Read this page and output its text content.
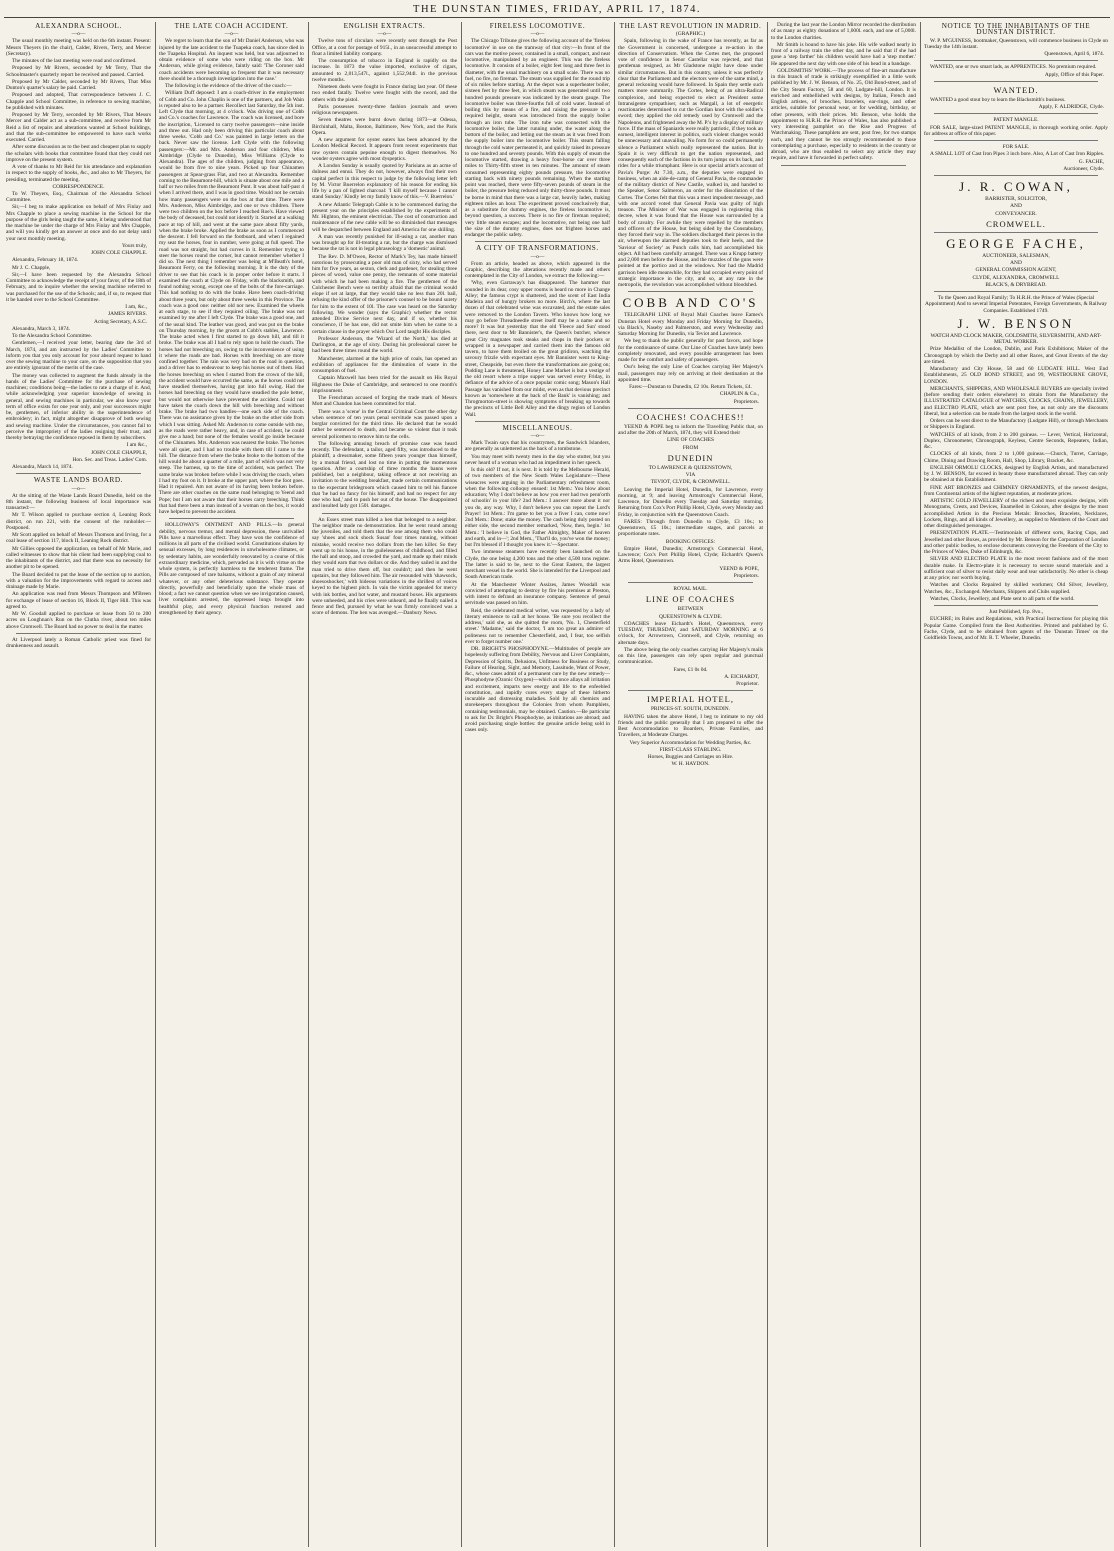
THE DUNSTAN TIMES, FRIDAY, APRIL 17, 1874.
ALEXANDRA SCHOOL.
—o—
The usual monthly meeting was held on the 6th instant. Present: Messrs Theyers (in the chair), Calder, Rivers, Terry, and Mercer (Secretary).
The minutes of the last meeting were read and confirmed.
Proposed by Mr Rivers, seconded by Mr Terry, That the Schoolmaster's quarterly report be received and passed. Carried.
Proposed by Mr Calder, seconded by Mr Rivers, That Miss Dunton's quarter's salary be paid. Carried.
Proposed and adopted, That correspondence between J. C. Chapple and School Committee, in reference to sewing machine, be published with minutes.
Proposed by Mr Terry, seconded by Mr Rivers, That Messrs Mercer and Calder act as a sub-committee, and receive from Mr Reid a list of repairs and alterations wanted at School buildings, and that the sub-committee be empowered to have such works executed. Carried.
After some discussion as to the best and cheapest plan to supply the scholars with books that committee found that they could not improve on the present system.
A vote of thanks to Mr Reid for his attendance and explanation in respect to the supply of books, &c., and also to Mr Theyers, for presiding, terminated the meeting.
CORRESPONDENCE.
To W. Theyers, Esq., Chairman of the Alexandra School Committee.
Sir,—I beg to make application on behalf of Mrs Finlay and Mrs Chapple to place a sewing machine in the School for the purpose of the girls being taught the same, it being understood that the machine be under the charge of Mrs Finlay and Mrs Chapple, and will you kindly get an answer at once and do not delay until your next monthly meeting.
Yours truly,
JOHN COLE CHAPPLE.
Alexandra, February 18, 1874.
Mr J. C. Chapple,
Sir,—I have been requested by the Alexandra School Committee to acknowledge the receipt of your favor, of the 18th of February, and to inquire whether the sewing machine referred to was purchased for the use of the Schools; and, if so, to request that it be handed over to the School Committee.
I am, &c.,
JAMES RIVERS.
Acting Secretary, A.S.C.
Alexandra, March 3, 1874.
To the Alexandra School Committee.
Gentlemen,—I received your letter, bearing date the 3rd of March, 1874, and am instructed by the Ladies' Committee to inform you that you only account for your absurd request to hand over the sewing machine to your care, on the supposition that you are entirely ignorant of the merits of the case.
The money was collected to augment the funds already in the hands of the Ladies' Committee for the purchase of sewing machines; conditions being—the ladies to rate a charge of it. And, while acknowledging your superior knowledge of sewing in general, and sewing machines in particular, we also know your term of office exists for one year only, and your successors might be, gentlemen, of inferior ability in the superintendence of embroidery; in fact, might altogether disapprove of both sewing and sewing machine. Under the circumstances, you cannot fail to perceive the impropriety of the ladies resigning their trust, and thereby betraying the confidence reposed in them by subscribers.
I am &c.,
JOHN COLE CHAPPLE,
Hon. Sec. and Treas. Ladies' Com.
Alexandra, March 14, 1874.
WASTE LANDS BOARD.
—o—
At the sitting of the Waste Lands Board Dunedin, held on the 8th instant, the following business of local importance was transacted:—
Mr T. Wilson applied to purchase section 4, Leaning Rock district, on run 221, with the consent of the runholder.—Postponed.
Mr Scott applied on behalf of Messrs Thomson and Irving, for a coal lease of section 117, block II, Leaning Rock district.
Mr Gillies opposed the application, on behalf of Mr Marie, and called witnesses to show that his client had been supplying coal to the inhabitants of the district, and that there was no necessity for another pit to be opened.
The Board decided to put the lease of the section up to auction, with a valuation for the improvements with regard to access and drainage made by Marie.
An application was read from Messrs Thompson and M'Breen for exchange of lease of section 16, Block II, Tiger Hill. This was agreed to.
Mr W. Goodall applied to purchase or lease from 50 to 200 acres on Loughnan's Run on the Clutha river, about ten miles above Cromwell. The Board had no power to deal in the matter.
At Liverpool lately a Roman Catholic priest was fined for drunkenness and assault.
THE LATE COACH ACCIDENT.
—o—
We regret to learn that the son of Mr Daniel Anderson, who was injured by the late accident to the Tuapeka coach, has since died in the Tuapeka Hospital. An inquest was held, but was adjourned to obtain evidence of some who were riding on the box. Mr Anderson, while giving evidence, faintly said: 'The Coroner said coach accidents were becoming so frequent that it was necessary there should be a thorough investigation into the case.'
The following is the evidence of the driver of the coach:—
William Duff deposed: I am a coach-driver in the employment of Cobb and Co. John Chaplin is one of the partners, and Job Wain is reputed also to be a partner. Recollect last Saturday, the 5th inst. Left Clyde that morning, at 4 o'clock. Was driving one of Cobb and Co.'s coaches for Lawrence. The coach was licensed, and bore the inscription, 'Licensed to carry twelve passengers—nine inside and three out. Had only been driving this particular coach about three weeks. 'Cobb and Co.' was painted in large letters on the back. Never saw the license. Left Clyde with the following passengers:—Mr. and Mrs. Anderson and four children, Miss Aimbridge (Clyde to Dunedin), Miss Williams (Clyde to Alexandra). The ages of the children, judging from appearance, would be from five to nine years. Picked up four Chinamen passengers at Spear-grass Flat, and two at Alexandra. Remember coming to the Beaumont-hill, which is situate about one mile and a half or two miles from the Beaumont Punt. It was about half-past 4 when I arrived there, and I was in good time. Would not be certain how many passengers were on the box at that time. There were Mrs. Anderson, Miss Aimbridge, and one or two children. There were two children on the box before I reached Roe's. Have viewed the body of deceased, but could not identify it. Started at a walking pace at top of hill, and went at the same pace about fifty yards, when the brake broke. Applied the brake as soon as I commenced the descent. I fell forward on the footboard, and when I regained my seat the horses, four in number, were going at full speed. The road was not straight, but had curves in it. Remember trying to steer the horses round the corner, but cannot remember whether I did so. The next thing I remember was being at M'Beath's hotel, Beaumont Ferry, on the following morning. It is the duty of the driver to see that his coach is in proper order before it starts. I examined the coach at Clyde on Friday, with the blacksmith, and found nothing wrong, except one of the bolts of the fore-carriage. This had nothing to do with the brake. Have been coach-driving about three years, but only about three weeks in this Province. The coach was a good one: neither old nor new. Examined the wheels at each stage, to see if they required oiling. The brake was not examined by me after I left Clyde. The brake was a good one, and of the usual kind. The leather was good, and was put on the brake on Thursday morning, by the groom at Cobb's stables, Lawrence. The brake acted when I first started to go down hill, and till it broke. The brake was all I had to rely upon to hold the coach. The horses had not breeching on, owing to the inconvenience of using it where the roads are bad. Horses with breeching on are more confined together. The rain was very bad on the road in question, and a driver has to endeavour to keep his horses out of them. Had the horses breeching on when I started from the crown of the hill, the accident would have occurred the same, as the horses could not have steadied themselves, having got into full swing. Had the horses had breeching on they would have steadied the pole better, but would not otherwise have prevented the accident. Could not have taken the coach down the hill with breeching and without brake. The brake had two handles—one each side of the coach. There was no assistance given by the brake on the other side from which I was sitting. Asked Mr. Anderson to come outside with me, as the roads were rather heavy, and, in case of accident, he could give me a hand; but none of the females would go inside because of the Chinamen. Mrs. Anderson was nearest the brake. The horses were all quiet, and I had no trouble with them till I came to the hill. The distance from where the brake broke to the bottom of the hill would be about a quarter of a mile, part of which was not very steep. The harness, up to the time of accident, was perfect. The same brake was broken before while I was driving the coach, when I had my foot on it. It broke at the upper part, where the foot goes. Had it repaired. Am not aware of its having been broken before. There are other coaches on the same road belonging to Yeend and Pope; but I am not aware that their horses carry breeching. Think that had there been a man instead of a woman on the box, it would have helped to prevent the accident.
HOLLOWAY'S OINTMENT AND PILLS.—In general debility, nervous tremor, and mental depression, these unrivalled Pills have a marvellous effect. They have won the confidence of millions in all parts of the civilised world. Constitutions shaken by sensual excesses, by long residences in unwholesome climates, or by sedentary habits, are wonderfully renovated by a course of this extraordinary medicine, which, pervaded as it is with virtue on the whole system, is perfectly harmless to the tenderest frame. The Pills are composed of rare balsams, without a grain of any mineral whatever, or any other deleterious substance. They operate directly, powerfully and beneficially upon the whole mass of blood; a fact we cannot question when we see invigoration caused, liver complaints arrested, the oppressed lungs brought into healthful play, and every physical function restored and strengthened by their agency.
ENGLISH EXTRACTS.
—o—
Twelve tons of circulars were recently sent through the Post Office, at a cost for postage of 915l., in an unsuccessful attempt to float a limited liability company.
The consumption of tobacco in England is rapidly on the increase. In 1873 the value imported, exclusive of cigars, amounted to 2,013,547l., against 1,552,944l. in the previous twelve months.
Nineteen duels were fought in France during last year. Of these two ended fatally. Twelve were fought with the sword, and the others with the pistol.
Paris possesses twenty-three fashion journals and seven religious newspapers.
Seven theatres were burnt down during 1873—at Odessa, Birchinhall, Malta, Boston, Baltimore, New York, and the Paris Opera.
A new argument for oyster eaters has been advanced by the London Medical Record. It appears from recent experiments that raw oysters contain pepsine enough to digest themselves. No wonder oysters agree with most dyspeptics.
A London Sunday is usually quoted by Parisians as an acme of dulness and ennui. They do not, however, always find their own capital perfect in this respect to judge by the following letter left by M. Victor Buerrelon explanatory of his reason for ending his life by a pan of lighted charcoal: 'I kill myself because I cannot stand Sunday.' Kindly let my family know of this.—V. Buerrelon.'
A new Atlantic Telegraph Cable is to be commenced during the present year on the principles established by the experiments of Mr. Highton, the eminent electrician. The cost of construction and maintenance of the new cable will be so diminished that messages will be despatched between England and America for one shilling.
A man was recently punished for ill-using a cat, another man was brought up for ill-treating a rat, but the charge was dismissed because the rat is not in legal phraseology a 'domestic' animal.
The Rev. D. M'Owen, Rector of Mark's Tey, has made himself notorious by prosecuting a poor old man of sixty, who had served him for five years, as sexton, clerk and gardener, for stealing three pieces of wood, value one penny, the remnants of some material with which he had been making a fire. The gentlemen of the Colchester Bench were so terribly afraid that the criminal would elope if set at large, that they would take no less than 20l. bail, refusing the kind offer of the prisoner's counsel to be bound surety for him to the extent of 10l. The case was heard on the Saturday following. We wonder (says the Graphic) whether the rector attended Divine Service next day, and if so, whether his conscience, if he has one, did not smite him when he came to a certain clause in the prayer which Our Lord taught His disciples.
Professor Anderson, the 'Wizard of the North,' has died at Darlington, at the age of sixty. During his professional career he had been three times round the world.
Manchester, alarmed at the high price of coals, has opened an exhibition of appliances for the diminution of waste in the consumption of fuel.
Captain Maxwell has been tried for the assault on His Royal Highness the Duke of Cambridge, and sentenced to one month's imprisonment.
The Frenchman accused of forging the trade mark of Messrs Mott and Chandon has been committed for trial.
There was a 'scene' in the Central Criminal Court the other day when sentence of ten years penal servitude was passed upon a burglar convicted for the third time. He declared that he would rather be sentenced to death, and became so violent that it took several policemen to remove him to the cells.
The following amusing breach of promise case was heard recently. The defendant, a tailor, aged fifty, was introduced to the plaintiff, a dressmaker, some fifteen years younger than himself, by a mutual friend, and lost no time in putting the momentous question. After a courtship of three months the banns were published, but a neighbour, taking offence at not receiving an invitation to the wedding breakfast, made certain communications to the expectant bridegroom which caused him to tell his fiancee that 'he had no fancy for his himself, and had no respect for any one who had,' and to push her out of the house. The disappointed and insulted lady got 150l. damages.
An Essex street man killed a hen that belonged to a neighbor. The neighbor made no demonstration. But he went round among the juveniles, and told them that the one among them who could say 'shoes and sock shock Susan' four times running, without mistake, would receive two dollars from the hen killer. So they went up to his house, in the guilelessness of childhood, and filled the hall and stoop, and crowded the yard, and made up their minds they would earn that two dollars or die. And they sailed in and the man tried to drive them off, but couldn't; and then he went upstairs, but they followed him. The air resounded with 'shawsock, shoesoshocker,' with hideous variations in the shrillest of voices keyed to the highest pitch. In vain the victim appealed for mercy with ink bottles, and hot water, and mustard boxes. His arguments were unheeded, and his cries were unheard, and he finally nailed a fence and fled, pursued by what he was firmly convinced was a score of demons. The hen was avenged.—Danbury News.
FIRELESS LOCOMOTIVE.
—o—
The Chicago Tribune gives the following account of the 'fireless locomotive' in use on the tramway of that city:—In front of the cars was the motive power, contained in a small, compact, and neat locomotive, manipulated by an engineer. This was the fireless locomotive. It consists of a boiler, eight feet long and three feet in diameter, with the usual machinery on a small scale. There was no fuel, no fire, no fireman. The steam was supplied for the round trip of six miles before starting. At the depot was a superheater boiler, sixteen feet by three feet, in which steam was generated until two hundred pounds pressure was indicated by the steam gauge. The locomotive boiler was three-fourths full of cold water. Instead of boiling this by means of a fire, and raising the pressure to a required height, steam was introduced from the supply boiler through an iron tube. The iron tube was connected with the locomotive boiler, the latter running under, the water along the bottom of the boiler, and letting out the steam as it was freed from the supply boiler into the locomotive boiler. This steam falling through the cold water permeated it, and quickly raised its pressure to one hundred and seventy pounds. With this supply of steam the locomotive started, drawing a heavy four-horse car over three miles to Thirty-fifth street in ten minutes. The amount of steam consumed representing eighty pounds pressure, the locomotive starting back with ninety pounds remaining. When the starting point was reached, there were fifty-seven pounds of steam in the boiler, the pressure being reduced only thirty-three pounds. It must be borne in mind that there was a large car, heavily laden, making eighteen miles an hour. The experiment proved conclusively that, as a substitute for dummy engines, the fireless locomotive is, beyond question, a success. There is no fire or fireman required; very little steam escapes; and the locomotive, not being one half the size of the dummy engines, does not frighten horses and endanger the public safety.
A CITY OF TRANSFORMATIONS.
—o—
From an article, headed as above, which appeared in the Graphic, describing the alterations recently made and others contemplated in the City of London, we extract the following:—
'Why, even Garraway's has disappeared. The hammer that sounded in its dear, cosy upper rooms is heard no more in Change Alley; the famous crypt is shattered, and the scent of East India Madeira and of hungry brokers no more. Birch's, where the last dozen of that celebrated wine was excavated, and the estate sales were removed to the London Tavern. Who knows how long we may go before Threadneedle street itself may be a name and no more? It was but yesterday that the old 'Fleece and Sun' stood there, next door to Mr Bannister's, the Queen's butcher, whence great City magnates took steaks and chops in their pockets or wrapped in a newspaper and carried them into the famous old tavern, to have them broiled on the great gridiron, watching the savoury frizzle with expectant eyes. Mr Bannister went to King-street, Cheapside, but even there the transformations are going on; Pudding Lane is threatened, Honey Lane Market is but a vestige of the old resort where a tripe supper was served every Friday, in defiance of the advice of a once popular comic song; Mason's Hall Passage has vanished from our midst, even as that devious precinct known as 'somewhere at the back of the Bank' is vanishing; and Throgmorton-street is showing symptoms of breaking up towards the precincts of Little Bell Alley and the dingy region of London Wall.
MISCELLANEOUS.
—o—
Mark Twain says that his countrymen, the Sandwich Islanders, are generally as unlettered as the back of a tombstone.
You may meet with twenty men in the day who stutter, but you never heard of a woman who had an impediment in her speech.
Is this old? If not, it is next. It is told by the Melbourne Herald, of two members of the New South Wales Legislature:—These wiseacres were arguing in the Parliamentary refreshment room, when the following colloquy ensued: 1st Mem.: You blow about education; Why I don't believe as how you ever had two penn'orth of schoolin' in your life? 2nd Mem.: I answer more about it nor you do, any way. Why, I don't believe you can repeat the Lord's Prayer! 1st Mem.: I'm game to bet you a fiver I can, come now! 2nd Mem.: Done; stake the money. The cash being duly posted on either side, the second member remarked, 'Now, then, begin.' 1st Mem.: 'I believe in God, the Father Almighty, Maker of heaven and earth, and in—'; 2nd Mem., 'That'll do, you've won the money; but I'm blessed if I thought you knew it.'—Spectator.
Two immense steamers have recently been launched on the Clyde, the one being 4,200 tons and the other 4,500 tons register. The latter is said to be, next to the Great Eastern, the largest merchant vessel in the world. She is intended for the Liverpool and South American trade.
At the Manchester Winter Assizes, James Woodall was convicted of attempting to destroy by fire his premises at Preston, with intent to defraud an insurance company. Sentence of penal servitude was passed on him.
Reid, the celebrated medical writer, was requested by a lady of literary eminence to call at her house. 'Be sure you recollect the address,' said she, as she quitted the room, 'No. 1, Chesterfield street.' 'Madame,' said the doctor, 'I am too great an admirer of politeness not to remember Chesterfield, and, I fear, too selfish ever to forget number one.'
DR. BRIGHT'S PHOSPHODYNE.—Multitudes of people are hopelessly suffering from Debility, Nervous and Liver Complaints, Depression of Spirits, Delusions, Unfitness for Business or Study, Failure of Hearing, Sight, and Memory, Lassitude, Want of Power, &c., whose cases admit of a permanent cure by the new remedy—Phosphodyne (Ozonic Oxygen)—which at once allays all irritation and excitement, imparts new energy and life to the enfeebled constitution, and rapidly cures every stage of these hitherto incurable and distressing maladies. Sold by all chemists and storekeepers throughout the Colonies from whom Pamphlets, containing testimonials, may be obtained. Caution.—Be particular to ask for Dr. Bright's Phosphodyne, as imitations are abroad; and avoid purchasing single bottles: the genuine article being sold in cases only.
THE LAST REVOLUTION IN MADRID.
(GRAPHIC.)
Spain, following in the wake of France has recently, as far as the Government is concerned, undergone a re-action in the direction of Conservatism. When the Cortes met, the proposed vote of confidence in Senor Castellar was rejected, and that gentleman resigned, as Mr Gladstone might have done under similar circumstances. But in this country, unless it was perfectly clear that the Parliament and the electors were of the same mind, a general reckoning would have followed. In Spain they settle such matters more summarily. The Cortes, being of an ultra-Radical complexion, and being expected to elect as President some Intransigente sympathiser, such as Margall, a lot of energetic reactionaries determined to cut the Gordian knot with the soldier's sword; they applied the old remedy used by Cromwell and the Napoleons, and frightened away the M. P.'s by a display of military force. If the mass of Spaniards were really patriotic, if they took an earnest, intelligent interest in politics, such violent changes would be unnecessary and unavailing. No form for so could permanently silence a Parliament which really represented the nation. But in Spain it is very difficult to get the nation represented, and consequently each of the factions in its turn jumps on its back, and rides for a while triumphant. Here is our special artist's account of Pavia's Purge: At 7.30, a.m., the deputies were engaged in business, when an aide-de-camp of General Pavia, the commander of the military district of New Castile, walked in, and handed to the Speaker, Senor Salmeron, an order for the dissolution of the Cortes. The Cortes felt that this was a most impudent message, and with one accord voted that General Pavia was guilty of high treason. The Minister of War was engaged in registering this decree, when it was found that the House was surrounded by a body of cavalry. For awhile they were repelled by the members and officers of the House, but being sided by the Constabulary, they forced their way in. The soldiers discharged their pieces in the air, whereupon the alarmed deputies took to their heels, and the 'Saviour of Society' as Punch calls him, had accomplished his object. All had been carefully arranged. There was a Krupp battery and 2,000 men before the House, and the muzzles of the guns were pointed at the portico and at the windows. Nor had the Madrid garrison been idle meanwhile, for they had occupied every point of strategic importance in the city, and so, at any rate in the metropolis, the revolution was accomplished without bloodshed.
COBB AND CO'S
TELEGRAPH LINE of Royal Mail Coaches leave Eames's Dunstan Hotel every Monday and Friday Morning for Dunedin, via Black's, Naseby and Palmerston, and every Wednesday and Saturday Morning for Dunedin, via Teviot and Lawrence.
We beg to thank the public generally for past favors, and hope for the continuance of same. Our Line of Coaches have lately been completely renovated, and every possible arrangement has been made for the comfort and safety of passengers.
Our's being the only Line of Coaches carrying Her Majesty's mail, passengers may rely on arriving at their destination at the appointed time.
Fares:—Dunstan to Dunedin, £2 10s. Return Tickets, £4.
CHAPLIN & Co.,
Proprietors.
COACHES! COACHES!!
YEEND & POPE beg to inform the Travelling Public that, on and after the 20th of March, 1874, they will Extend their
LINE OF COACHES
FROM
DUNEDIN
TO LAWRENCE & QUEENSTOWN,
VIA
TEVIOT, CLYDE, & CROMWELL.
Leaving the Imperial Hotel, Dunedin, for Lawrence, every morning, at 9; and leaving Armstrong's Commercial Hotel, Lawrence, for Dunedin every Tuesday and Saturday morning. Returning from Cox's Port Phillip Hotel, Clyde, every Monday and Friday, in conjunction with the Queenstown Coach.
FARES: Through from Dunedin to Clyde, £3 10s.; to Queenstown, £5 10s.; intermediate stages, and parcels at proportionate rates.
BOOKING OFFICES:
Empire Hotel, Dunedin; Armstrong's Commercial Hotel, Lawrence; Cox's Port Phillip Hotel, Clyde; Eichardt's Queen's Arms Hotel, Queenstown.
YEEND & POPE,
Proprietors.
ROYAL MAIL.
LINE OF COACHES
BETWEEN
QUEENSTOWN & CLYDE.
COACHES leave Eichardt's Hotel, Queenstown, every TUESDAY, THURSDAY, and SATURDAY MORNING at 6 o'clock, for Arrowtown, Cromwell, and Clyde, returning on alternate days.
The above being the only coaches carrying Her Majesty's mails on this line, passengers can rely upon regular and punctual communication.
Fares, £1 0s 0d.
A. EICHARDT,
Proprietor.
IMPERIAL HOTEL,
PRINCES-ST. SOUTH, DUNEDIN.
HAVING taken the above Hotel, I beg to intimate to my old friends and the public generally that I am prepared to offer the Best Accommodation to Boarders, Private Families, and Travellers, at Moderate Charges.
Very Superior Accommodation for Wedding Parties, &c.
FIRST-CLASS STABLING.
Horses, Buggies and Carriages on Hire.
W. H. HAYDON.
During the last year the London Mirror recorded the distribution of as many as eighty donations of 1,000l. each, and one of 5,000l. to the London charities.
Mr Smith is bound to have his joke. His wife walked nearly in front of a railway train the other day, and he said that if she had gone a 'step farther' his children would have had a 'step mother.' He appeared the next day with one side of his head in a bandage.
GOLDSMITHS' WORK.—The process of fine-art manufacture in this branch of trade is strikingly exemplified in a little work published by Mr. J. W. Benson, of No. 25, Old Bond-street, and of the City Steam Factory, 58 and 60, Ludgate-hill, London. It is enriched and embellished with designs, by Italian, French and English artistes, of brooches, bracelets, ear-rings, and other articles, suitable for personal wear, or for wedding, birthday, or other presents, with their prices. Mr. Benson, who holds the appointment to H.R.H. the Prince of Wales, has also published a very interesting pamphlet on the Rise and Progress of Watchmaking. These pamphlets are sent, post free, for two stamps each, and they cannot be too strongly recommended to those contemplating a purchase, especially to residents in the country or abroad, who are thus enabled to select any article they may require, and have it forwarded in perfect safety.
NOTICE TO THE INHABITANTS OF THE DUNSTAN DISTRICT.
W. P. M'GUINESS, bootmaker, Queenstown, will commence business in Clyde on Tuesday the 14th instant.
Queenstown, April 6, 1874.
WANTED, one or two smart lads, as APPRENTICES. No premium required.
Apply, Office of this Paper.
WANTED.
WANTED a good stout boy to learn the Blacksmith's business.
Apply, F. ALDRIDGE, Clyde.
PATENT MANGLE.
FOR SALE, large-sized PATENT MANGLE, in thorough working order. Apply for address at office of this paper.
FOR SALE.
A SMALL LOT of Cast Iron Pipes 3 inch bore. Also, A Lot of Cast Iron Ripples.
G. FACHE,
Auctioneer, Clyde.
J. R. COWAN,
BARRISTER, SOLICITOR,
AND
CONVEYANCER.
CROMWELL.
GEORGE FACHE,
AUCTIONEER, SALESMAN,
AND
GENERAL COMMISSION AGENT,
CLYDE, ALEXANDRA, CROMWELL
BLACK'S, & DRYBREAD.
To the Queen and Royal Family; To H.R.H. the Prince of Wales (Special Appointment) And to several Imperial Potentates, Foreign Governments, & Railway Companies. Established 1749.
J. W. BENSON
WATCH AND CLOCK MAKER, GOLDSMITH, SILVERSMITH, AND ART-METAL WORKER.
Prize Medallist of the London, Dublin, and Paris Exhibitions; Maker of the Chronograph by which the Derby and all other Races, and Great Events of the day are timed.
Manufactory and City House, 58 and 60 LUDGATE HILL. West End Establishments, 25 OLD BOND STREET, and 99, WESTBOURNE GROVE, LONDON.
MERCHANTS, SHIPPERS, AND WHOLESALE BUYERS are specially invited (before sending their orders elsewhere) to obtain from the Manufactory the ILLUSTRATED CATALOGUE of WATCHES, CLOCKS, CHAINS, JEWELLERY, and ELECTRO PLATE, which are sent post free, as not only are the discounts liberal, but a selection can be made from the largest stock in the world.
Orders can be sent direct to the Manufactory (Ludgate Hill), or through Merchants or Shippers in England.
WATCHES of all kinds, from 2 to 200 guineas. — Lever, Vertical, Horizontal, Duplex, Chronometer, Chronograph, Keyless, Centre Seconds, Repeaters, Indian, &c.
CLOCKS of all kinds, from 2 to 1,000 guineas.—Church, Turret, Carriage, Chime, Dining and Drawing Room, Hall, Shop, Library, Bracket, &c.
ENGLISH ORMOLU CLOCKS, designed by English Artists, and manufactured by J. W. BENSON, far exceed in beauty those manufactured abroad. They can only be obtained at this Establishment.
FINE ART BRONZES and CHIMNEY ORNAMENTS, of the newest designs, from Continental artists of the highest reputation, at moderate prices.
ARTISTIC GOLD JEWELLERY of the richest and most exquisite designs, with Monograms, Crests, and Devices, Enamelled in Colours, after designs by the most accomplished Artists in the Precious Metals: Brooches, Bracelets, Necklaces, Lockets, Rings, and all kinds of Jewellery, as supplied to Members of the Court and other distinguished personages.
PRESENTATION PLATE.—Testimonials of different sorts, Racing Cups, and Jewelled and other Boxes, as provided by Mr. Benson for the Corporation of London and other public bodies, to enclose documents conveying the Freedom of the City to the Princes of Wales, Duke of Edinburgh, &c.
SILVER AND ELECTRO PLATE in the most recent fashions and of the most durable make. In Electro-plate it is necessary to secure sound materials and a sufficient coat of silver to resist daily wear and tear satisfactorily. No other is cheap at any price; nor worth buying.
Watches and Clocks Repaired by skilled workmen; Old Silver, Jewellery, Watches, &c., Exchanged. Merchants, Shippers and Clubs supplied.
Watches, Clocks, Jewellery, and Plate sent to all parts of the world.
Just Published, fcp. 8vo.,
EUCHRE; its Rules and Regulations, with Practical Instructions for playing this Popular Game. Compiled from the Best Authorities. Printed and published by G. Fache, Clyde, and to be obtained from agents of the 'Dunstan Times' on the Goldfields Towns, and of Mr. R. T. Wheeler, Dunedin.
